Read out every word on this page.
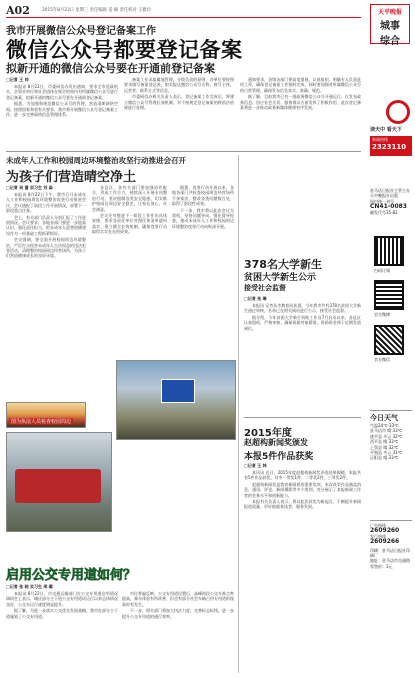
A02	2015年8月23日 星期三 责任编辑 姜 楠 责任校对 王雅玲
我市开展微信公众号登记备案工作
微信公众号都要登记备案
拟新开通的微信公众号要在开通前登记备案
□记者 王 帅

本报讯 8月22日，市委网信办发出通知，要求全市党政机关、企事业单位和社会团体在规定时间内对所属微信公众号进行登记备案，拟新开通的微信公众号要在开通前登记备案。

据悉，为加强和规范微信公众号的管理，营造清朗网络空间，按照国家和省有关要求，我市将开展微信公众号登记备案工作，进一步完善网络信息管理体系。

备案工作采取属地管理、分级负责的原则，各单位要按照要求填写备案登记表，如实报送微信公众号名称、账号主体、运营者、联系方式等信息。

市委网信办相关负责人表示，登记备案工作完成后，将建立微信公众号管理长效机制，对不按规定登记备案的将依法依规进行处理。

通知要求，各级各部门要高度重视，认真组织，明确专人负责此项工作，确保登记备案工作按时完成，同时要加强对所属微信公众号的日常管理，确保发布信息真实、准确、规范。

据了解，目前我市已有一批政务微信公众号开通运行，在发布政务信息、回应社会关切、服务群众方面发挥了积极作用，此次登记备案将进一步推动政务新媒体健康有序发展。

未成年人工作和校园周边环境整治攻坚行动推进会召开
为孩子们营造晴空净土
□记者 吴 蔷 实习生 刘 淼

本报讯 8月22日下午，我市召开未成年人工作和校园周边环境整治攻坚行动推进会议，会议通报了前段工作开展情况，部署下一阶段重点任务。

会上，有关部门负责人分别汇报了工作进展情况。会议要求，各地各部门要进一步提高认识，强化责任担当，把未成年人思想道德建设作为一项基础工程抓紧抓好。

会议强调，要全面开展校园周边环境整治，严厉打击侵害未成年人合法权益的违法犯罪活动，清理整治校园周边经营场所，为孩子们营造健康成长的良好环境。

图为执法人员检查校园周边

各县区、各有关部门要加强协作配合，形成工作合力，持续深入开展专项整治行动，坚决遏制各类安全隐患，切实维护校园及周边安全稳定，让家长放心、社会满意。

会议还对推进下一阶段工作作出具体安排，要求各责任单位对照任务清单逐项落实，建立健全长效机制，确保攻坚行动取得实实在在的成效。

据悉，攻坚行动开展以来，各地各部门共检查校园周边经营场所千余家次，整改各类问题数百处，取得了阶段性成效。

下一步，我市将以此次会议为契机，坚持问题导向，强化督导检查，推动未成年人工作和校园周边环境整治攻坚行动向纵深开展。

启用公交专用道如何？
□记者 张 晓 实习生 邢 璐

本报讯 8月22日，市交通运输部门在公交专用道启用情况调研会上表示，城区部分主干道公交专用道试运行以来总体情况良好，公交车运行速度明显提升。

据了解，为进一步落实公交优先发展战略，我市在部分主干道施划了公交专用道。

市民普遍反映，公交专用道设置后，高峰时段公交车准点率提高，乘车体验有所改善，但也有部分社会车辆占用专用道的现象时有发生。

下一步，相关部门将加大执法力度，完善标志标线，进一步提升公交专用道的通行效率。

378名大学新生
贫困大学新生公示
接受社会监督
□记者 张 琳

本报讯 记者从市教育局获悉，今年我市共有378名贫困大学新生通过审核，名单已在相关网站进行公示，接受社会监督。

据介绍，今年贫困大学新生资助工作自7月启动以来，各县区认真组织，严格审核，确保资助对象精准，资助资金将于近期发放到位。

2015年度
赵超构新闻奖颁发
本报5件作品获奖
□记者 王 林

本讯讯 近日，2015年度赵超构新闻奖评选结果揭晓，本报共有5件作品获奖，其中一等奖1件、二等奖2件、三等奖2件。

赵超构新闻奖是我省新闻界的重要奖项，本次获奖作品涵盖消息、通讯、评论、新闻摄影等多个类别，充分展示了本报新闻工作者的业务水平和创新能力。

本报有关负责人表示，将以此次获奖为新起点，不断提升新闻报道质量，更好地服务读者、服务发展。

天平晚报
城事
综合
读天中 看天下
新闻热线
2323110
驻马店日报社主管主办
天中晚报社出版
国内统一刊号
CN41-0083
邮发代号35-82
扫码订阅
官方微博
官方微信
今日天气
气温24℃-33℃
驻马店市 晴 33℃
遂平县 多云 32℃
西平县 晴 33℃
上蔡县 晴 32℃
平舆县 多云 31℃
正阳县 晴 33℃
广告热线
2609260
发行热线
2609266
印刷：驻马店日报社印刷厂
地址：驻马店市交通路
零售价：1元
